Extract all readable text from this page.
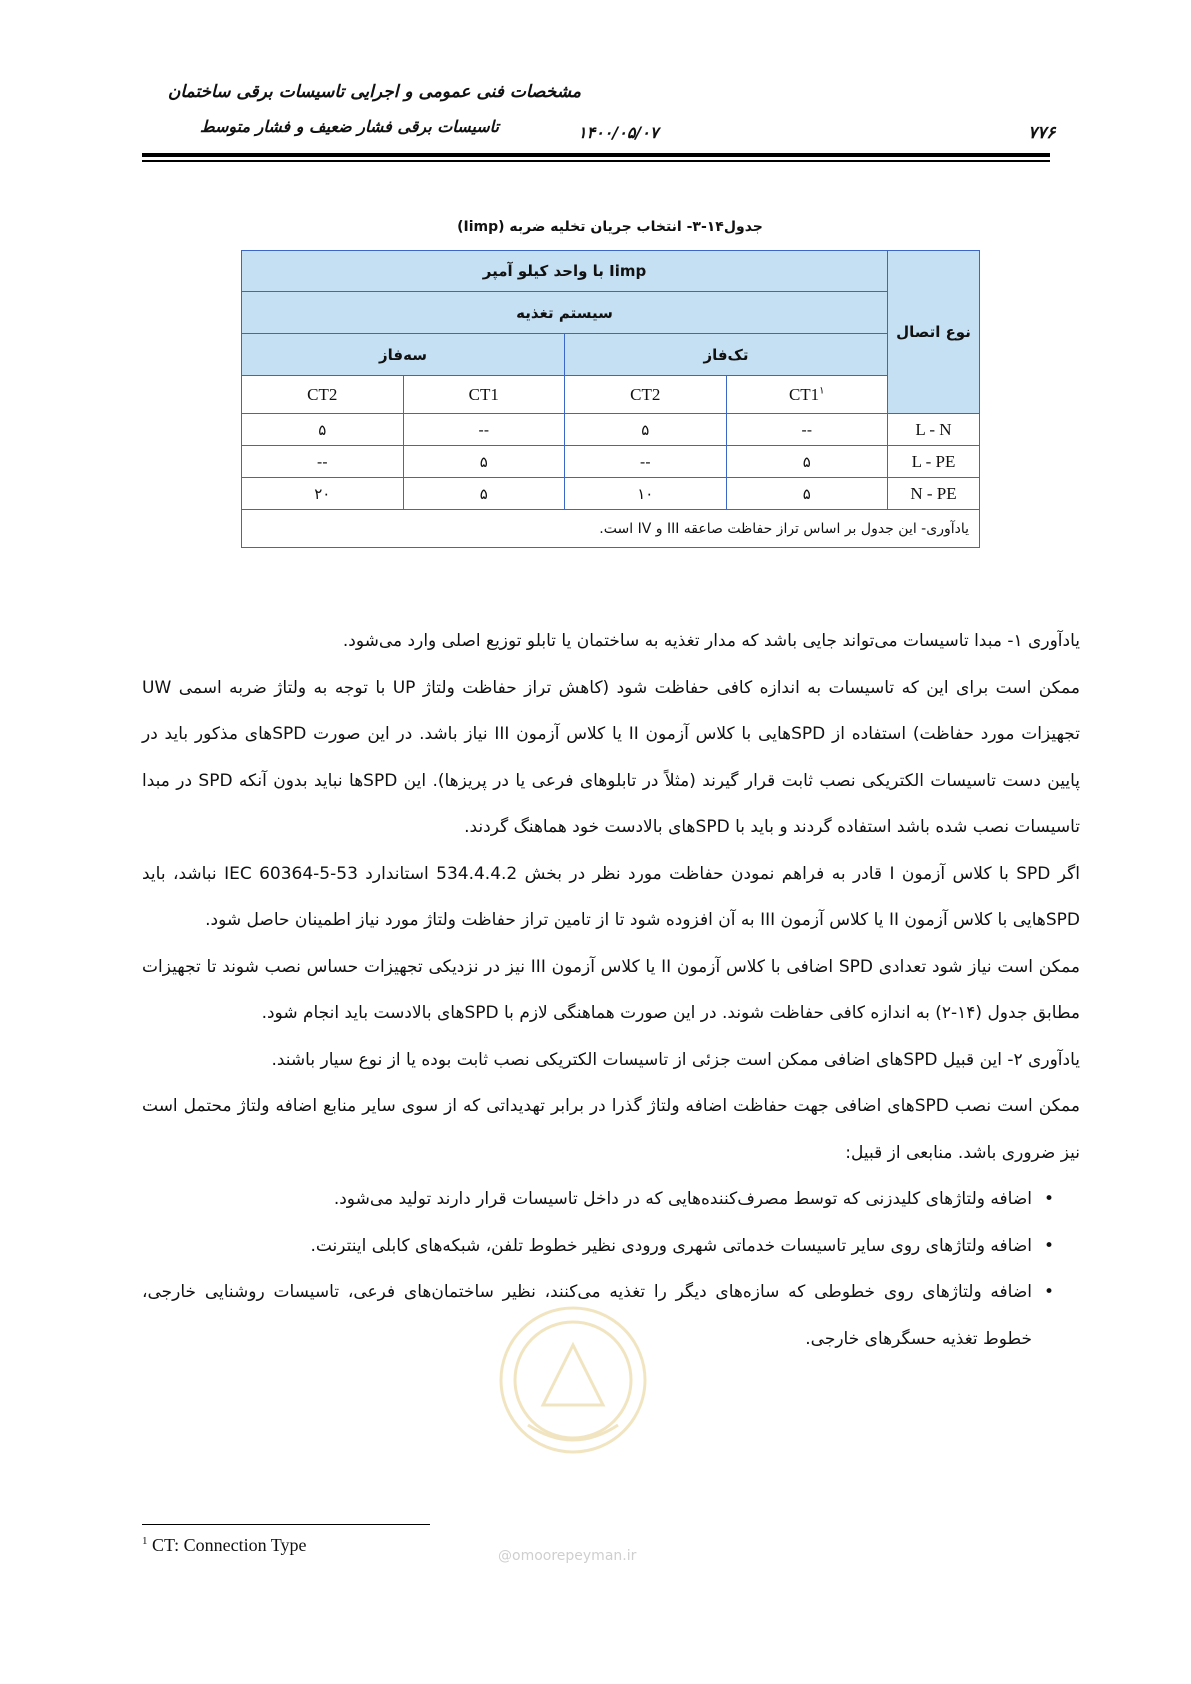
مشخصات فنی عمومی و اجرایی تاسیسات برقی ساختمان
تاسیسات برقی فشار ضعیف و فشار متوسط	۱۴۰۰/۰۵/۰۷	۷۷۶
جدول۱۴-۳- انتخاب جریان تخلیه ضربه (Iimp)
Iimp با واحد کیلو آمپر				نوع اتصال
سیستم تغذیه				
سه‌فاز		تک‌فاز		
CT2	CT1	CT2	$CT1^۱$
۵	--	۵	--	L - N
--	۵	--	۵	L - PE
۲۰	۵	۱۰	۵	N - PE
یادآوری- این جدول بر اساس تراز حفاظت صاعقه III و IV است.				

یادآوری ۱- مبدا تاسیسات می‌تواند جایی باشد که مدار تغذیه به ساختمان یا تابلو توزیع اصلی وارد می‌شود.

ممکن است برای این که تاسیسات به اندازه کافی حفاظت شود (کاهش تراز حفاظت ولتاژ UP با توجه به ولتاژ ضربه اسمی UW تجهیزات مورد حفاظت) استفاده از SPDهایی با کلاس آزمون II یا کلاس آزمون III نیاز باشد. در این صورت SPDهای مذکور باید در پایین دست تاسیسات الکتریکی نصب ثابت قرار گیرند (مثلاً در تابلوهای فرعی یا در پریزها). این SPDها نباید بدون آنکه SPD در مبدا تاسیسات نصب شده باشد استفاده گردند و باید با SPDهای بالادست خود هماهنگ گردند.

اگر SPD با کلاس آزمون I قادر به فراهم نمودن حفاظت مورد نظر در بخش 534.4.4.2 استاندارد IEC 60364-5-53 نباشد، باید SPDهایی با کلاس آزمون II یا کلاس آزمون III به آن افزوده شود تا از تامین تراز حفاظت ولتاژ مورد نیاز اطمینان حاصل شود.

ممکن است نیاز شود تعدادی SPD اضافی با کلاس آزمون II یا کلاس آزمون III نیز در نزدیکی تجهیزات حساس نصب شوند تا تجهیزات مطابق جدول (۱۴-۲) به اندازه کافی حفاظت شوند. در این صورت هماهنگی لازم با SPDهای بالادست باید انجام شود.

یادآوری ۲- این قبیل SPDهای اضافی ممکن است جزئی از تاسیسات الکتریکی نصب ثابت بوده یا از نوع سیار باشند.

ممکن است نصب SPDهای اضافی جهت حفاظت اضافه ولتاژ گذرا در برابر تهدیداتی که از سوی سایر منابع اضافه ولتاژ محتمل است نیز ضروری باشد. منابعی از قبیل:

•
اضافه ولتاژهای کلیدزنی که توسط مصرف‌کننده‌هایی که در داخل تاسیسات قرار دارند تولید می‌شود.
•
اضافه ولتاژهای روی سایر تاسیسات خدماتی شهری ورودی نظیر خطوط تلفن، شبکه‌های کابلی اینترنت.
•
اضافه ولتاژهای روی خطوطی که سازه‌های دیگر را تغذیه می‌کنند، نظیر ساختمان‌های فرعی، تاسیسات روشنایی خارجی، خطوط تغذیه حسگرهای خارجی.
@omoorepeyman.ir
$^1$ CT: Connection Type
